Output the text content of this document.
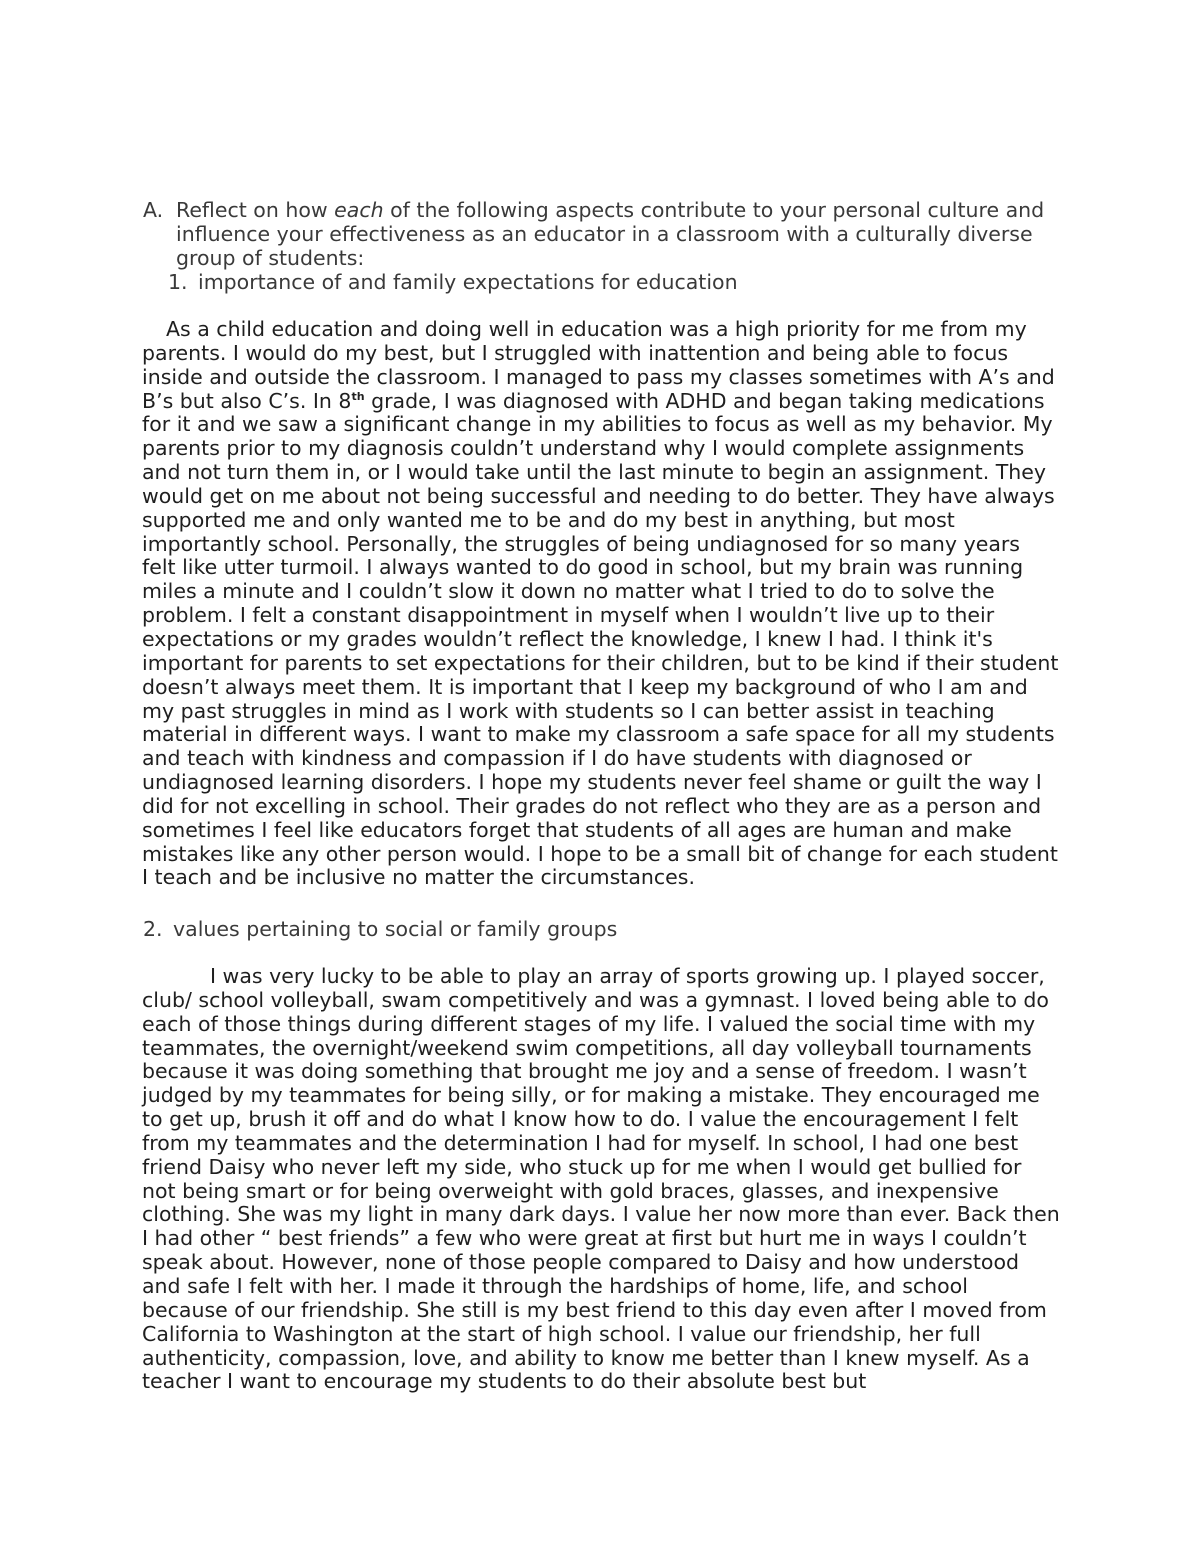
A. Reflect on how each of the following aspects contribute to your personal culture and influence your effectiveness as an educator in a classroom with a culturally diverse group of students:
1. importance of and family expectations for education

As a child education and doing well in education was a high priority for me from my parents. I would do my best, but I struggled with inattention and being able to focus inside and outside the classroom. I managed to pass my classes sometimes with A’s and B’s but also C’s. In 8th grade, I was diagnosed with ADHD and began taking medications for it and we saw a significant change in my abilities to focus as well as my behavior. My parents prior to my diagnosis couldn’t understand why I would complete assignments and not turn them in, or I would take until the last minute to begin an assignment. They would get on me about not being successful and needing to do better. They have always supported me and only wanted me to be and do my best in anything, but most importantly school. Personally, the struggles of being undiagnosed for so many years felt like utter turmoil. I always wanted to do good in school, but my brain was running miles a minute and I couldn’t slow it down no matter what I tried to do to solve the problem. I felt a constant disappointment in myself when I wouldn’t live up to their expectations or my grades wouldn’t reflect the knowledge, I knew I had. I think it's important for parents to set expectations for their children, but to be kind if their student doesn’t always meet them. It is important that I keep my background of who I am and my past struggles in mind as I work with students so I can better assist in teaching material in different ways. I want to make my classroom a safe space for all my students and teach with kindness and compassion if I do have students with diagnosed or undiagnosed learning disorders. I hope my students never feel shame or guilt the way I did for not excelling in school. Their grades do not reflect who they are as a person and sometimes I feel like educators forget that students of all ages are human and make mistakes like any other person would. I hope to be a small bit of change for each student I teach and be inclusive no matter the circumstances.

2. values pertaining to social or family groups

I was very lucky to be able to play an array of sports growing up. I played soccer, club/ school volleyball, swam competitively and was a gymnast. I loved being able to do each of those things during different stages of my life. I valued the social time with my teammates, the overnight/weekend swim competitions, all day volleyball tournaments because it was doing something that brought me joy and a sense of freedom. I wasn’t judged by my teammates for being silly, or for making a mistake. They encouraged me to get up, brush it off and do what I know how to do. I value the encouragement I felt from my teammates and the determination I had for myself. In school, I had one best friend Daisy who never left my side, who stuck up for me when I would get bullied for not being smart or for being overweight with gold braces, glasses, and inexpensive clothing. She was my light in many dark days. I value her now more than ever. Back then I had other “ best friends” a few who were great at first but hurt me in ways I couldn’t speak about. However, none of those people compared to Daisy and how understood and safe I felt with her. I made it through the hardships of home, life, and school because of our friendship. She still is my best friend to this day even after I moved from California to Washington at the start of high school. I value our friendship, her full authenticity, compassion, love, and ability to know me better than I knew myself. As a teacher I want to encourage my students to do their absolute best but
